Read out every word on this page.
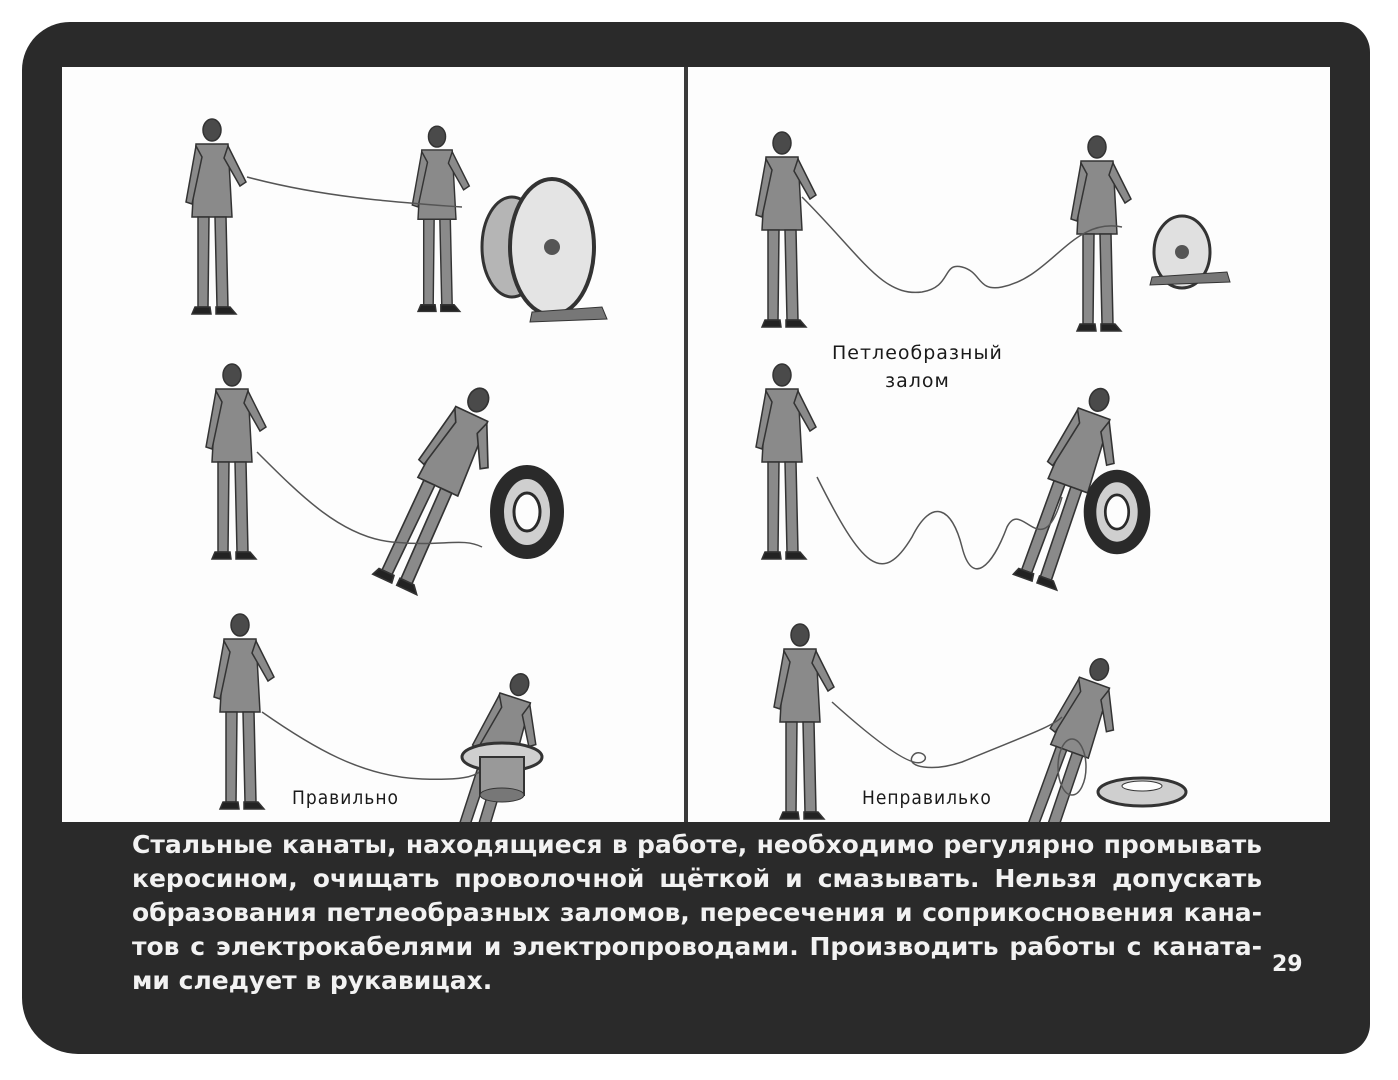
Петлеобразный
залом

Правильно	Неправилько

Стальные канаты, находящиеся в работе, необходимо регулярно промывать
керосином, очищать проволочной щёткой и смазывать. Нельзя допускать
образования петлеобразных заломов, пересечения и соприкосновения кана-
тов с электрокабелями и электропроводами. Производить работы с каната-
ми следует в рукавицах.
29
